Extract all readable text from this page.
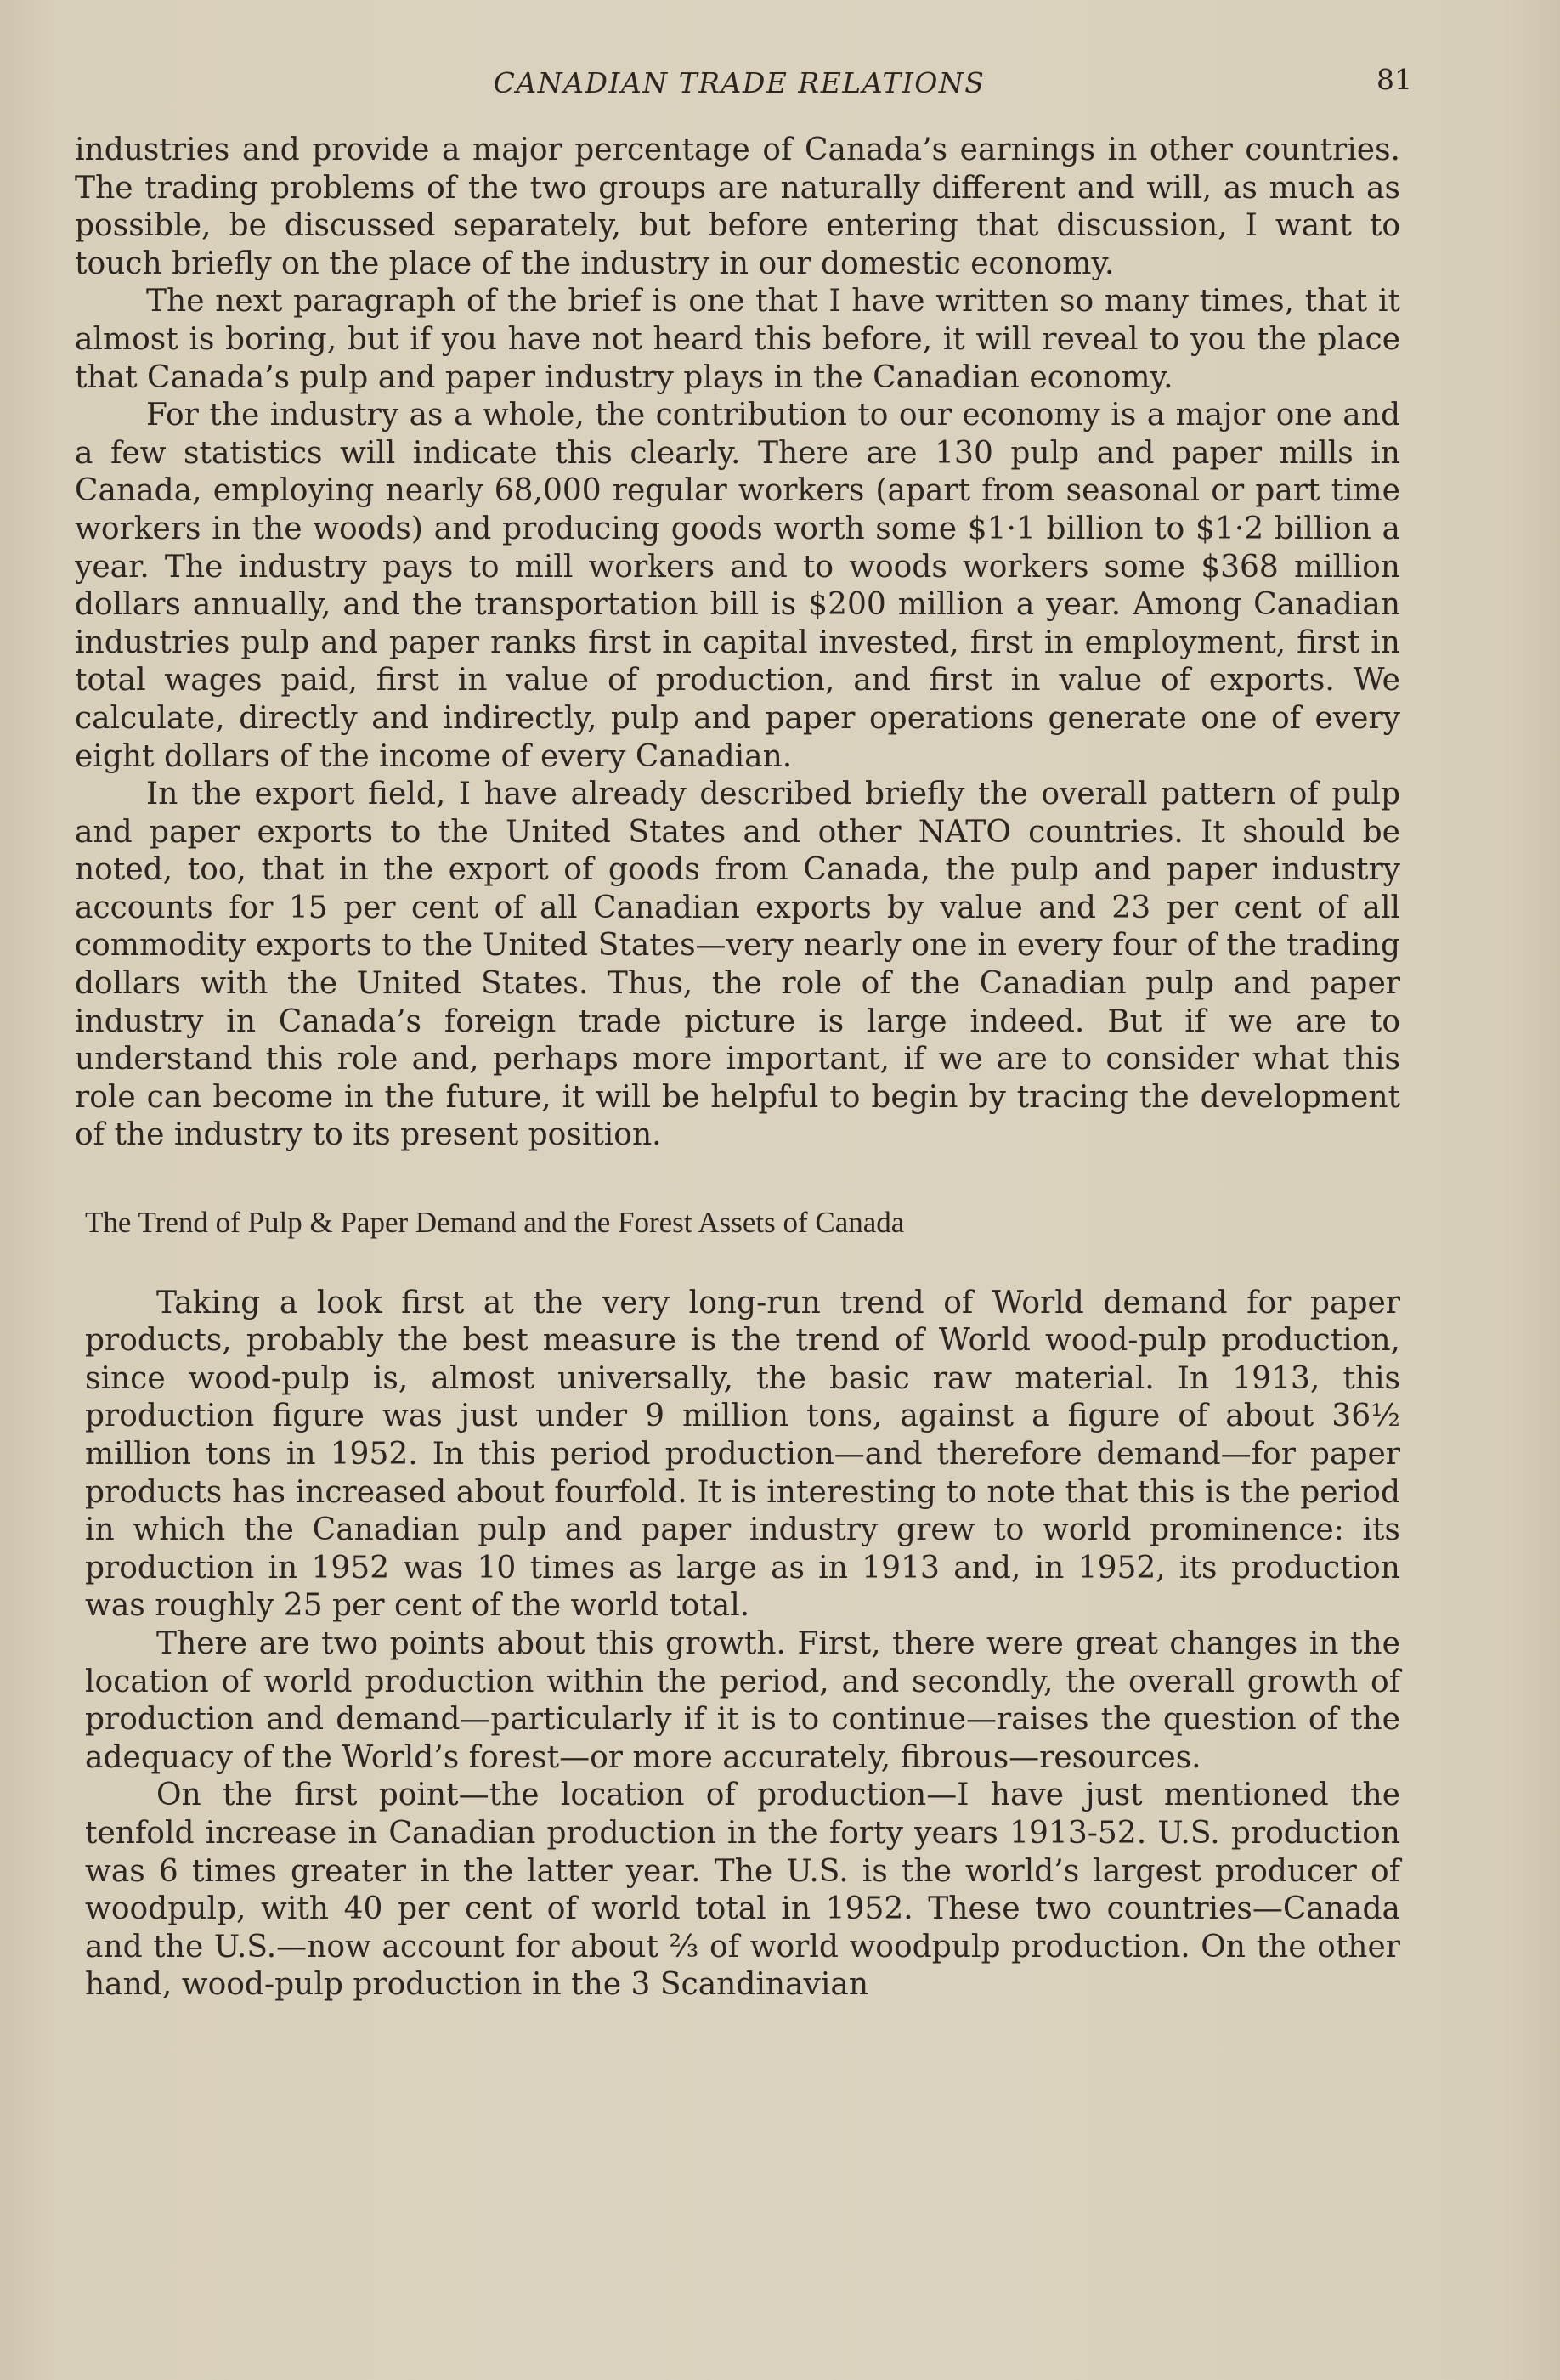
CANADIAN TRADE RELATIONS	81

industries and provide a major percentage of Canada’s earnings in other countries. The trading problems of the two groups are naturally different and will, as much as possible, be discussed separately, but before entering that discussion, I want to touch briefly on the place of the industry in our domestic economy.

The next paragraph of the brief is one that I have written so many times, that it almost is boring, but if you have not heard this before, it will reveal to you the place that Canada’s pulp and paper industry plays in the Canadian economy.

For the industry as a whole, the contribution to our economy is a major one and a few statistics will indicate this clearly. There are 130 pulp and paper mills in Canada, employing nearly 68,000 regular workers (apart from seasonal or part time workers in the woods) and producing goods worth some $1·1 billion to $1·2 billion a year. The industry pays to mill workers and to woods workers some $368 million dollars annually, and the transportation bill is $200 million a year. Among Canadian industries pulp and paper ranks first in capital invested, first in employment, first in total wages paid, first in value of production, and first in value of exports. We calculate, directly and indirectly, pulp and paper operations generate one of every eight dollars of the income of every Canadian.

In the export field, I have already described briefly the overall pattern of pulp and paper exports to the United States and other NATO countries. It should be noted, too, that in the export of goods from Canada, the pulp and paper industry accounts for 15 per cent of all Canadian exports by value and 23 per cent of all commodity exports to the United States—very nearly one in every four of the trading dollars with the United States. Thus, the role of the Canadian pulp and paper industry in Canada’s foreign trade picture is large indeed. But if we are to understand this role and, perhaps more important, if we are to consider what this role can become in the future, it will be helpful to begin by tracing the development of the industry to its present position.

The Trend of Pulp & Paper Demand and the Forest Assets of Canada

Taking a look first at the very long-run trend of World demand for paper products, probably the best measure is the trend of World wood-pulp production, since wood-pulp is, almost universally, the basic raw material. In 1913, this production figure was just under 9 million tons, against a figure of about 36½ million tons in 1952. In this period production—and therefore demand—for paper products has increased about fourfold. It is interesting to note that this is the period in which the Canadian pulp and paper industry grew to world prominence: its production in 1952 was 10 times as large as in 1913 and, in 1952, its production was roughly 25 per cent of the world total.

There are two points about this growth. First, there were great changes in the location of world production within the period, and secondly, the overall growth of production and demand—particularly if it is to continue—raises the question of the adequacy of the World’s forest—or more accurately, fibrous—resources.

On the first point—the location of production—I have just mentioned the tenfold increase in Canadian production in the forty years 1913-52. U.S. production was 6 times greater in the latter year. The U.S. is the world’s largest producer of woodpulp, with 40 per cent of world total in 1952. These two countries—Canada and the U.S.—now account for about ⅔ of world woodpulp production. On the other hand, wood-pulp production in the 3 Scandinavian
